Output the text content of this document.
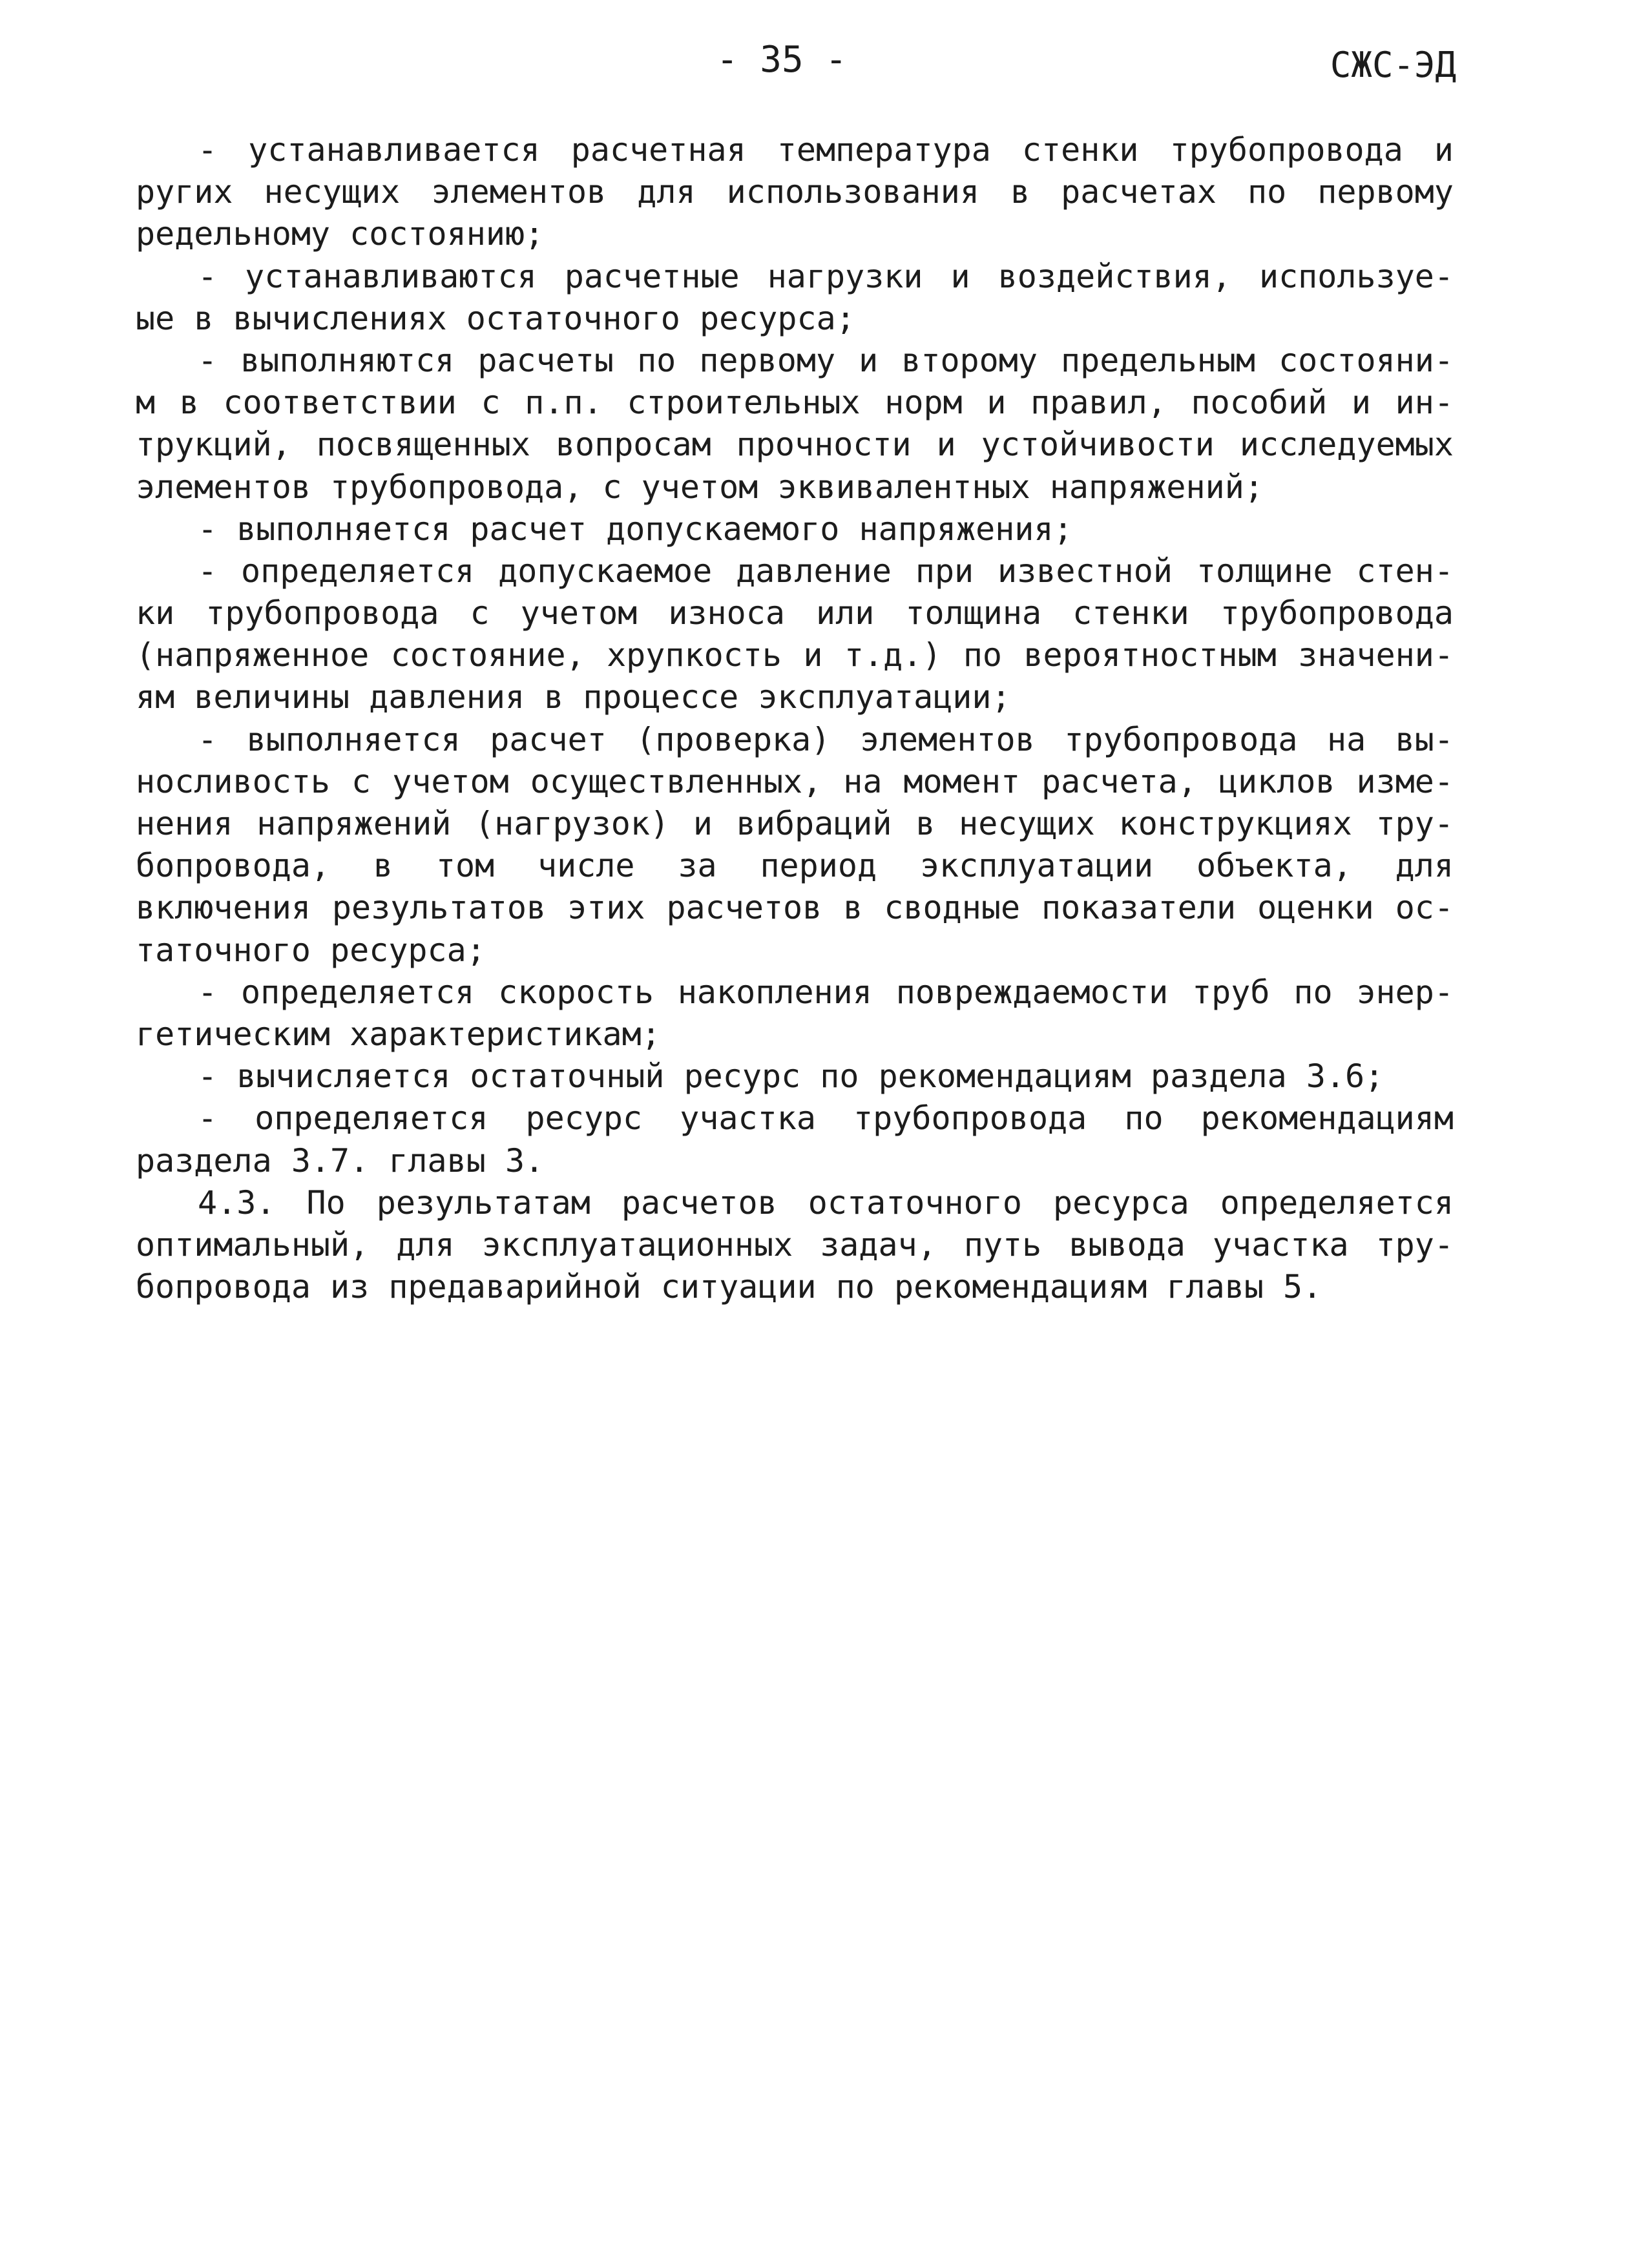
- 35 -	СЖС-ЭД
- устанавливается расчетная температура стенки трубопровода и
ругих несущих элементов для использования в расчетах по первому
редельному состоянию;
- устанавливаются расчетные нагрузки и воздействия, используе-
ые в вычислениях остаточного ресурса;
- выполняются расчеты по первому и второму предельным состояни-
м в соответствии с п.п. строительных норм и правил, пособий и ин-
трукций, посвященных вопросам прочности и устойчивости исследуемых
элементов трубопровода, с учетом эквивалентных напряжений;
- выполняется расчет допускаемого напряжения;
- определяется допускаемое давление при известной толщине стен-
ки трубопровода с учетом износа или толщина стенки трубопровода
(напряженное состояние, хрупкость и т.д.) по вероятностным значени-
ям величины давления в процессе эксплуатации;
- выполняется расчет (проверка) элементов трубопровода на вы-
носливость с учетом осуществленных, на момент расчета, циклов изме-
нения напряжений (нагрузок) и вибраций в несущих конструкциях тру-
бопровода, в том числе за период эксплуатации объекта, для
включения результатов этих расчетов в сводные показатели оценки ос-
таточного ресурса;
- определяется скорость накопления повреждаемости труб по энер-
гетическим характеристикам;
- вычисляется остаточный ресурс по рекомендациям раздела 3.6;
- определяется ресурс участка трубопровода по рекомендациям
раздела 3.7. главы 3.
4.3. По результатам расчетов остаточного ресурса определяется
оптимальный, для эксплуатационных задач, путь вывода участка тру-
бопровода из предаварийной ситуации по рекомендациям главы 5.
